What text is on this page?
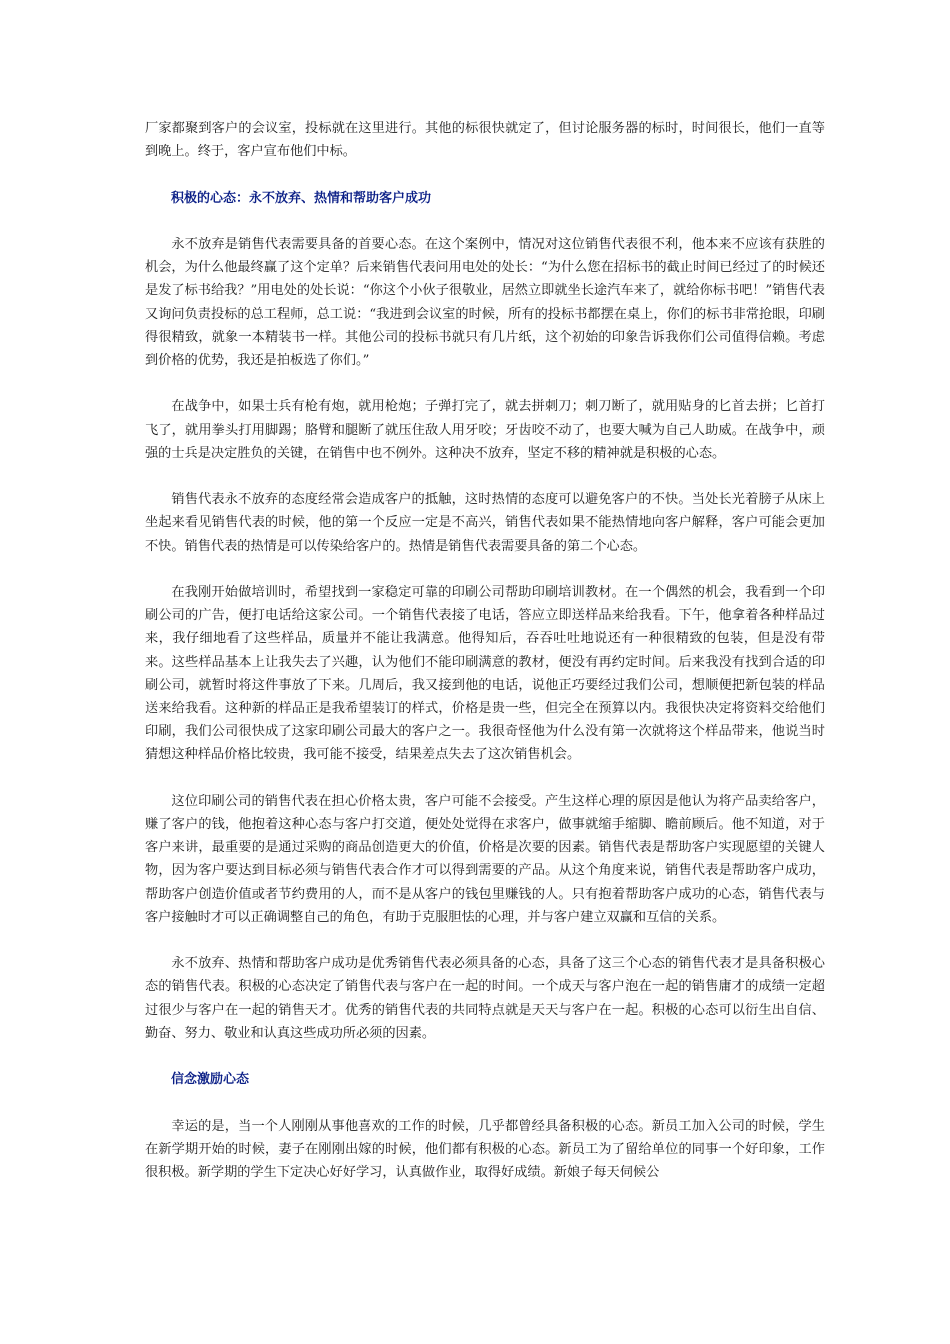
厂家都聚到客户的会议室，投标就在这里进行。其他的标很快就定了，但讨论服务器的标时，时间很长，他们一直等到晚上。终于，客户宣布他们中标。

积极的心态：永不放弃、热情和帮助客户成功

永不放弃是销售代表需要具备的首要心态。在这个案例中，情况对这位销售代表很不利，他本来不应该有获胜的机会，为什么他最终赢了这个定单？后来销售代表问用电处的处长：“为什么您在招标书的截止时间已经过了的时候还是发了标书给我？”用电处的处长说：“你这个小伙子很敬业，居然立即就坐长途汽车来了，就给你标书吧！”销售代表又询问负责投标的总工程师，总工说：“我进到会议室的时候，所有的投标书都摆在桌上，你们的标书非常抢眼，印刷得很精致，就象一本精装书一样。其他公司的投标书就只有几片纸，这个初始的印象告诉我你们公司值得信赖。考虑到价格的优势，我还是拍板选了你们。”

在战争中，如果士兵有枪有炮，就用枪炮；子弹打完了，就去拼刺刀；刺刀断了，就用贴身的匕首去拼；匕首打飞了，就用拳头打用脚踢；胳臂和腿断了就压住敌人用牙咬；牙齿咬不动了，也要大喊为自己人助威。在战争中，顽强的士兵是决定胜负的关键，在销售中也不例外。这种决不放弃，坚定不移的精神就是积极的心态。

销售代表永不放弃的态度经常会造成客户的抵触，这时热情的态度可以避免客户的不快。当处长光着膀子从床上坐起来看见销售代表的时候，他的第一个反应一定是不高兴，销售代表如果不能热情地向客户解释，客户可能会更加不快。销售代表的热情是可以传染给客户的。热情是销售代表需要具备的第二个心态。

在我刚开始做培训时，希望找到一家稳定可靠的印刷公司帮助印刷培训教材。在一个偶然的机会，我看到一个印刷公司的广告，便打电话给这家公司。一个销售代表接了电话，答应立即送样品来给我看。下午，他拿着各种样品过来，我仔细地看了这些样品，质量并不能让我满意。他得知后，吞吞吐吐地说还有一种很精致的包装，但是没有带来。这些样品基本上让我失去了兴趣，认为他们不能印刷满意的教材，便没有再约定时间。后来我没有找到合适的印刷公司，就暂时将这件事放了下来。几周后，我又接到他的电话，说他正巧要经过我们公司，想顺便把新包装的样品送来给我看。这种新的样品正是我希望装订的样式，价格是贵一些，但完全在预算以内。我很快决定将资料交给他们印刷，我们公司很快成了这家印刷公司最大的客户之一。我很奇怪他为什么没有第一次就将这个样品带来，他说当时猜想这种样品价格比较贵，我可能不接受，结果差点失去了这次销售机会。

这位印刷公司的销售代表在担心价格太贵，客户可能不会接受。产生这样心理的原因是他认为将产品卖给客户，赚了客户的钱，他抱着这种心态与客户打交道，便处处觉得在求客户，做事就缩手缩脚、瞻前顾后。他不知道，对于客户来讲，最重要的是通过采购的商品创造更大的价值，价格是次要的因素。销售代表是帮助客户实现愿望的关键人物，因为客户要达到目标必须与销售代表合作才可以得到需要的产品。从这个角度来说，销售代表是帮助客户成功，帮助客户创造价值或者节约费用的人，而不是从客户的钱包里赚钱的人。只有抱着帮助客户成功的心态，销售代表与客户接触时才可以正确调整自己的角色，有助于克服胆怯的心理，并与客户建立双赢和互信的关系。

永不放弃、热情和帮助客户成功是优秀销售代表必须具备的心态，具备了这三个心态的销售代表才是具备积极心态的销售代表。积极的心态决定了销售代表与客户在一起的时间。一个成天与客户泡在一起的销售庸才的成绩一定超过很少与客户在一起的销售天才。优秀的销售代表的共同特点就是天天与客户在一起。积极的心态可以衍生出自信、勤奋、努力、敬业和认真这些成功所必须的因素。

信念激励心态

幸运的是，当一个人刚刚从事他喜欢的工作的时候，几乎都曾经具备积极的心态。新员工加入公司的时候，学生在新学期开始的时候，妻子在刚刚出嫁的时候，他们都有积极的心态。新员工为了留给单位的同事一个好印象，工作很积极。新学期的学生下定决心好好学习，认真做作业，取得好成绩。新娘子每天伺候公
